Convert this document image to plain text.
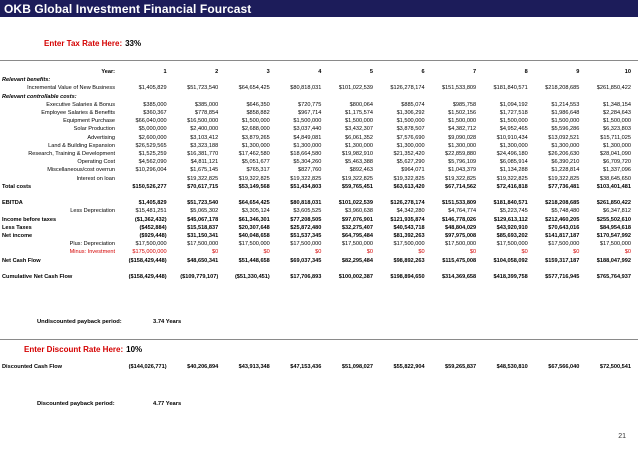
OKB Global Investment Financial Fourcast
Enter Tax Rate Here: 33%
Year:	1	2	3	4	5	6	7	8	9	10
Relevant benefits:										
Incremental Value of New Business	$1,405,829	$51,723,540	$64,654,425	$80,818,031	$101,022,539	$126,278,174	$151,533,809	$181,840,571	$218,208,685	$261,850,422
Relevant controllable costs:										
Executive Salaries & Bonus	$385,000	$385,000	$646,350	$720,775	$800,064	$885,074	$985,758	$1,094,192	$1,214,553	$1,348,154
Employee Salaries & Benefits	$360,367	$778,854	$858,882	$967,714	$1,175,574	$1,306,292	$1,502,156	$1,727,518	$1,986,648	$2,284,643
Equipment Purchase	$66,040,000	$16,500,000	$1,500,000	$1,500,000	$1,500,000	$1,500,000	$1,500,000	$1,500,000	$1,500,000	$1,500,000
Solar Production	$5,000,000	$2,400,000	$2,688,000	$3,037,440	$3,432,307	$3,878,507	$4,382,712	$4,952,465	$5,596,286	$6,323,803
Advertising	$2,600,000	$3,103,412	$3,879,265	$4,849,081	$6,061,352	$7,576,690	$9,090,028	$10,910,434	$13,092,521	$15,711,025
Land & Building Expansion	$26,529,565	$3,323,188	$1,300,000	$1,300,000	$1,300,000	$1,300,000	$1,300,000	$1,300,000	$1,300,000	$1,300,000
Research, Training & Development	$1,525,259	$16,381,770	$17,462,580	$18,664,580	$19,982,910	$21,352,420	$22,859,880	$24,496,180	$26,206,630	$28,041,090
Operating Cost	$4,562,090	$4,811,121	$5,051,677	$5,304,260	$5,463,388	$5,627,290	$5,796,109	$6,085,914	$6,390,210	$6,709,720
Miscellaneous/cost overrun	$10,296,004	$1,675,145	$765,317	$827,760	$892,463	$964,071	$1,043,379	$1,134,288	$1,228,814	$1,337,096
Interest on loan		$19,322,825	$19,322,825	$19,322,825	$19,322,825	$19,322,825	$19,322,825	$19,322,825	$19,322,825	$38,645,650
Total costs	$150,526,277	$70,617,715	$53,149,568	$51,434,803	$59,765,451	$63,613,420	$67,714,562	$72,416,818	$77,736,481	$103,401,481

EBITDA	$1,405,829	$51,723,540	$64,654,425	$80,818,031	$101,022,539	$126,278,174	$151,533,809	$181,840,571	$218,208,685	$261,850,422
Less Depreciation	$15,481,251	$5,065,302	$3,305,124	$3,605,525	$3,960,638	$4,342,280	$4,764,774	$5,223,745	$5,748,480	$6,347,812
Income before taxes	($1,362,432)	$45,067,178	$61,346,301	$77,208,505	$97,076,901	$121,935,874	$146,778,026	$129,613,112	$212,460,205	$255,502,610
Less Taxes	($452,884)	$15,518,837	$20,307,648	$25,872,480	$32,275,407	$40,543,718	$48,804,029	$43,920,910	$70,643,016	$84,954,618
Net income	($929,448)	$31,150,341	$40,048,658	$51,537,345	$64,795,484	$81,392,263	$97,975,008	$85,693,202	$141,817,187	$170,547,992
Plus: Depreciation	$17,500,000	$17,500,000	$17,500,000	$17,500,000	$17,500,000	$17,500,000	$17,500,000	$17,500,000	$17,500,000	$17,500,000
Minus: Investment	$175,000,000	$0	$0	$0	$0	$0	$0	$0	$0	$0
Net Cash Flow	($158,429,448)	$48,650,341	$51,448,658	$69,037,345	$82,295,484	$98,892,263	$115,475,008	$104,058,092	$159,317,187	$188,047,992

Cumulative Net Cash Flow	($158,429,448)	($109,779,107)	($51,330,451)	$17,706,893	$100,002,387	$198,894,650	$314,369,658	$418,399,758	$577,716,945	$765,764,937
Undiscounted payback period:	3.74 Years
Enter Discount Rate Here: 10%
Discounted Cash Flow	($144,026,771)	$40,206,894	$43,913,348	$47,153,436	$51,098,027	$55,822,904	$59,265,837	$48,530,810	$67,566,040	$72,500,541
Discounted payback period:	4.77 Years
21
